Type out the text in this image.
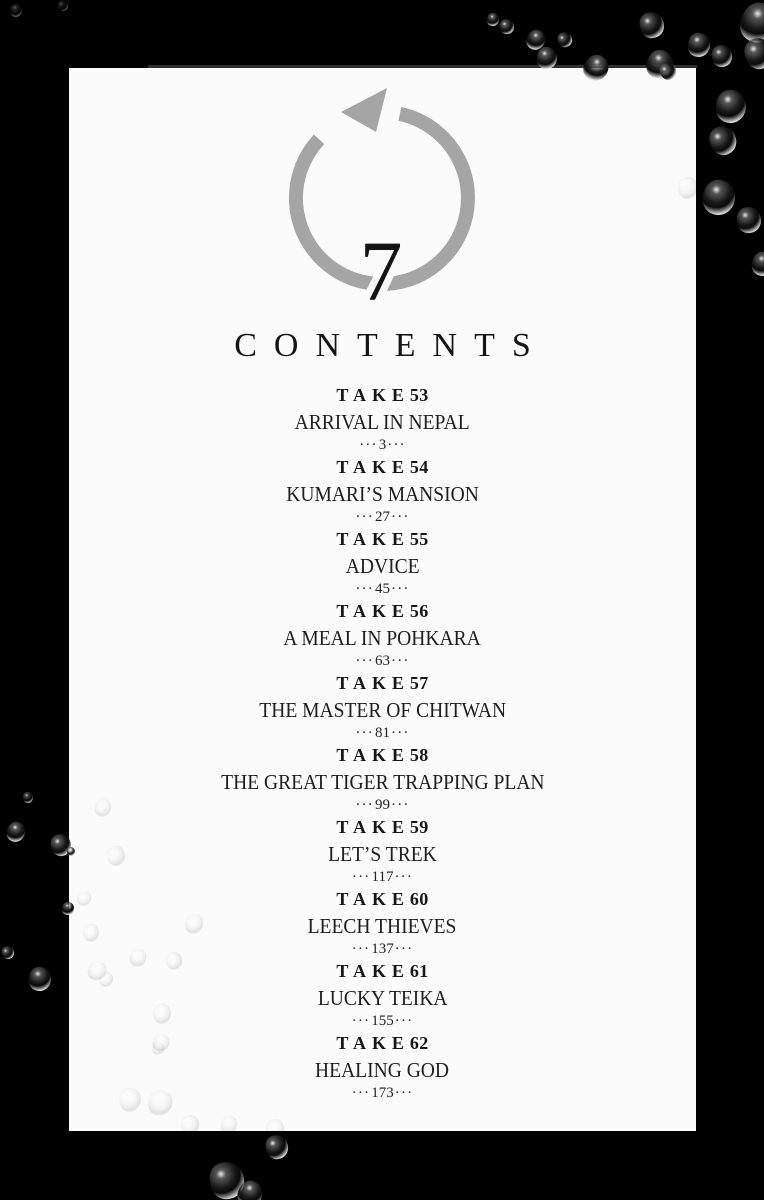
7
CONTENTS
TAKE53
ARRIVAL IN NEPAL
···3···
TAKE54
KUMARI’S MANSION
···27···
TAKE55
ADVICE
···45···
TAKE56
A MEAL IN POHKARA
···63···
TAKE57
THE MASTER OF CHITWAN
···81···
TAKE58
THE GREAT TIGER TRAPPING PLAN
···99···
TAKE59
LET’S TREK
···117···
TAKE60
LEECH THIEVES
···137···
TAKE61
LUCKY TEIKA
···155···
TAKE62
HEALING GOD
···173···
